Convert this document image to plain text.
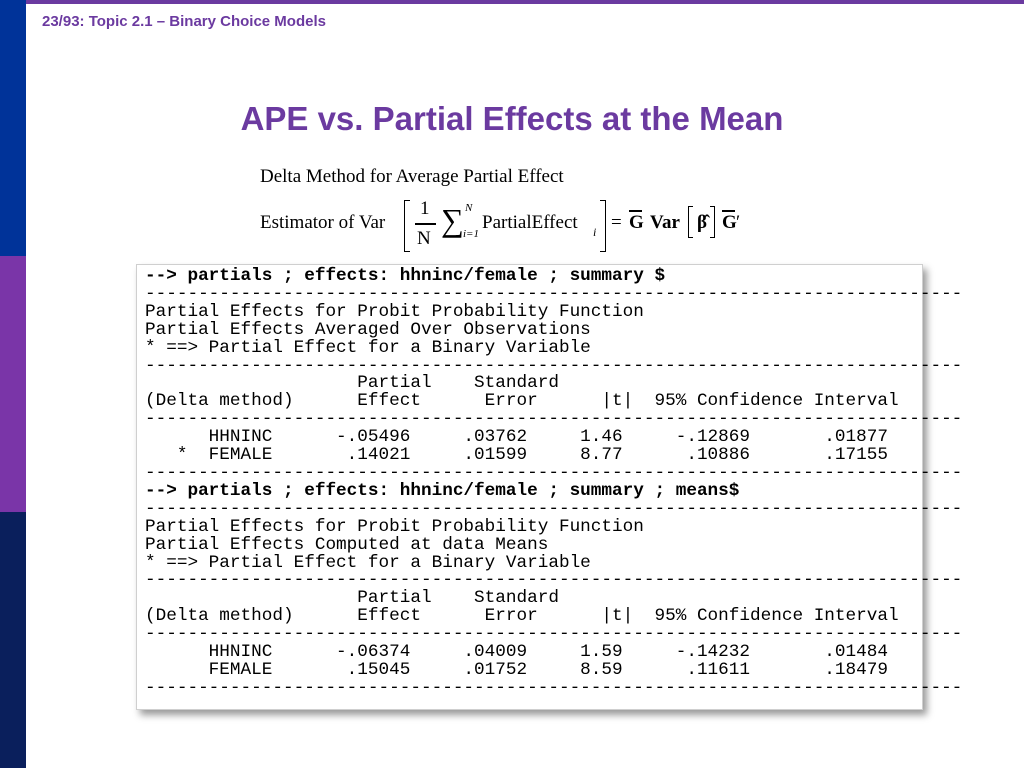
23/93: Topic 2.1 – Binary Choice Models
APE vs. Partial Effects at the Mean
Delta Method for Average Partial Effect
Estimator of Var
1
N
∑ N
i=1
PartialEffect i = G Var β̂ G ′
--> partials ; effects: hhninc/female ; summary $
-----------------------------------------------------------------------------
Partial Effects for Probit Probability Function
Partial Effects Averaged Over Observations
* ==> Partial Effect for a Binary Variable
-----------------------------------------------------------------------------
Partial    Standard
(Delta method)      Effect      Error      |t|  95% Confidence Interval
-----------------------------------------------------------------------------
HHNINC      -.05496     .03762     1.46     -.12869       .01877
*  FEMALE       .14021     .01599     8.77      .10886       .17155
-----------------------------------------------------------------------------
--> partials ; effects: hhninc/female ; summary ; means$
-----------------------------------------------------------------------------
Partial Effects for Probit Probability Function
Partial Effects Computed at data Means
* ==> Partial Effect for a Binary Variable
-----------------------------------------------------------------------------
Partial    Standard
(Delta method)      Effect      Error      |t|  95% Confidence Interval
-----------------------------------------------------------------------------
HHNINC      -.06374     .04009     1.59     -.14232       .01484
FEMALE       .15045     .01752     8.59      .11611       .18479
-----------------------------------------------------------------------------
